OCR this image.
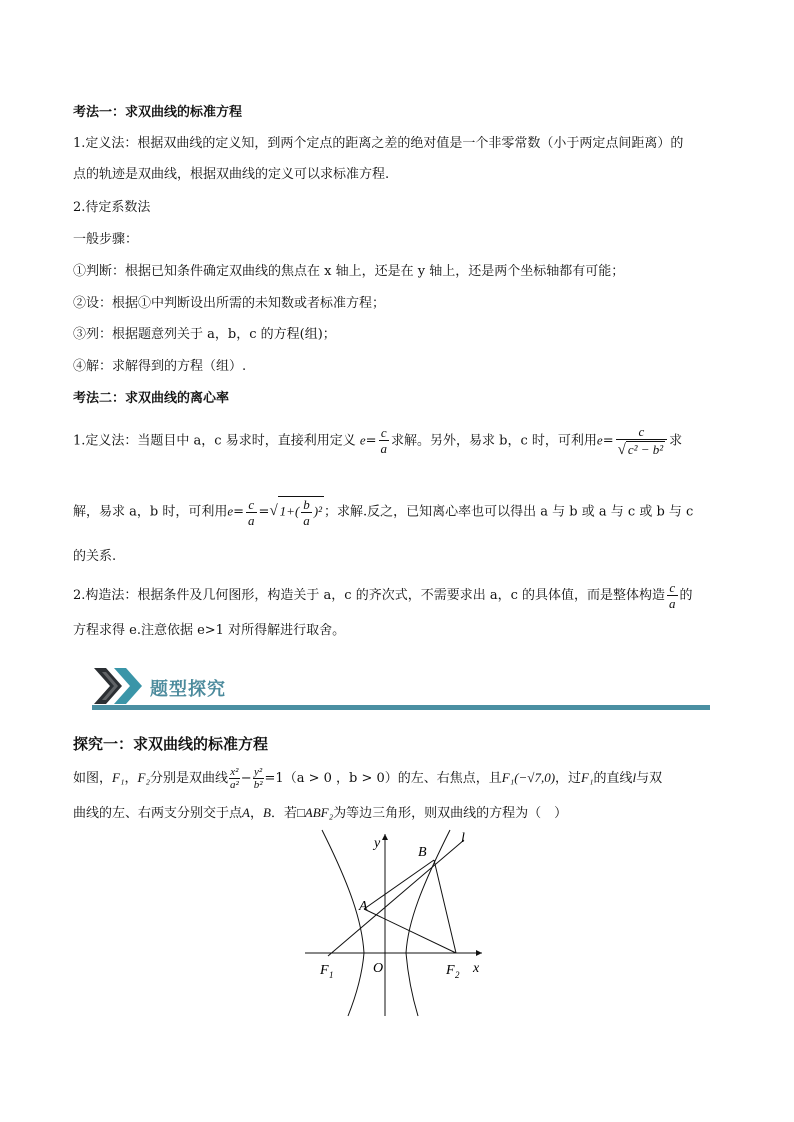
考法一：求双曲线的标准方程
1.定义法：根据双曲线的定义知，到两个定点的距离之差的绝对值是一个非零常数（小于两定点间距离）的
点的轨迹是双曲线，根据双曲线的定义可以求标准方程.
2.待定系数法
一般步骤：
①判断：根据已知条件确定双曲线的焦点在 x 轴上，还是在 y 轴上，还是两个坐标轴都有可能；
②设：根据①中判断设出所需的未知数或者标准方程；
③列：根据题意列关于 a，b，c 的方程(组)；
④解：求解得到的方程（组）.
考法二：求双曲线的离心率
1.定义法：当题目中 a，c 易求时，直接利用定义 $e= \frac{c}{a}$ 求解。另外，易求 b，c 时，可利用$e= \frac{c}{\text{√ c² − b²}}$ 求
解，易求 a，b 时，可利用$e= \frac{c}{a}$ =√ $1+( \frac{b}{a} )^2$ ；求解.反之，已知离心率也可以得出 a 与 b 或 a 与 c 或 b 与 c
的关系.
2.构造法：根据条件及几何图形，构造关于 a，c 的齐次式，不需要求出 a，c 的具体值，而是整体构造 $\frac{c}{a}$ 的
方程求得 e.注意依据 e>1 对所得解进行取舍。
题型探究
探究一：求双曲线的标准方程
如图，F₁，F₂分别是双曲线 $\frac{\text{x²}}{\text{a²}} - \frac{\text{y²}}{\text{b²}} =1(a > 0$ ，b > 0）的左、右焦点，且F₁(−√7,0)，过F₁的直线l与双
曲线的左、右两支分别交于点A，B．若□ABF₂为等边三角形，则双曲线的方程为（　）
y
x
l
B
A
O
F 1	F 2
